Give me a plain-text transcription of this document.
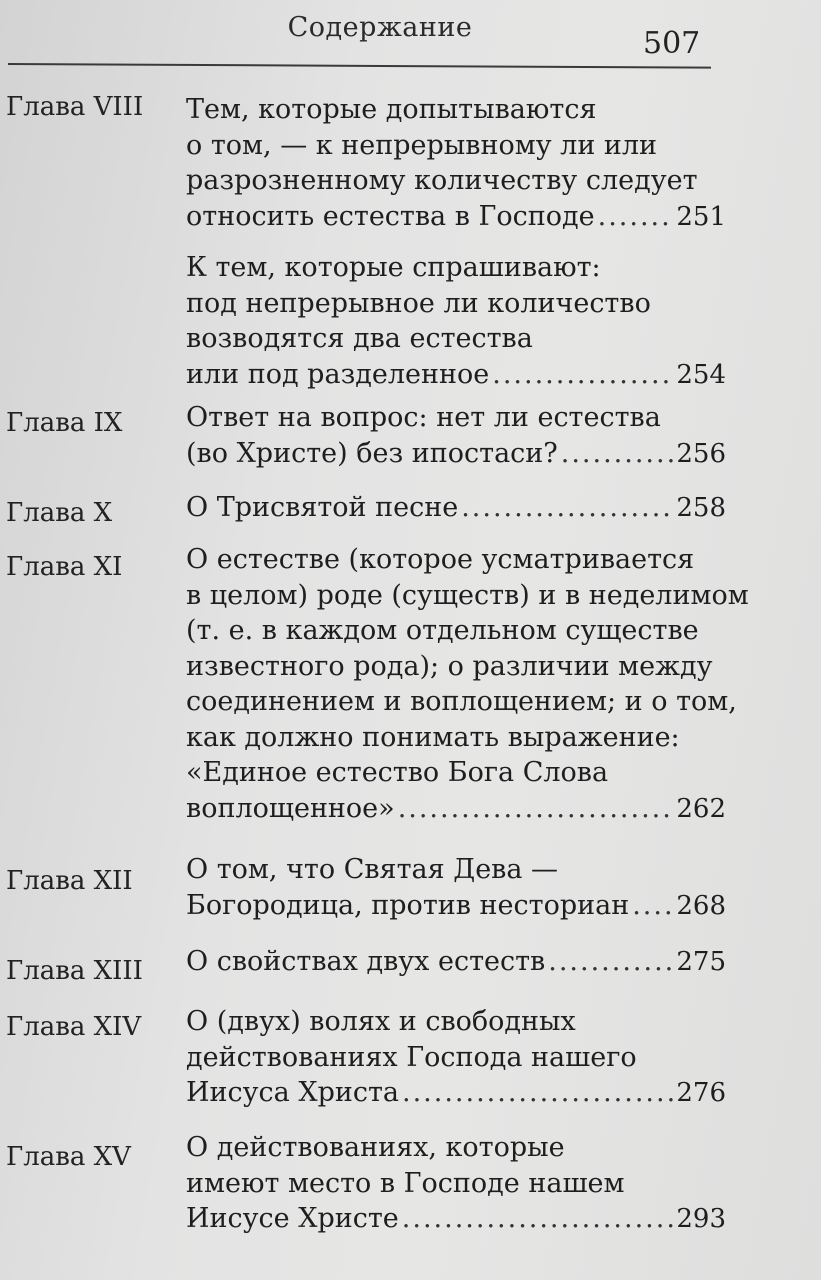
Содержание	507
Глава VIII Тем, которые допытываются
о том, — к непрерывному ли или
разрозненному количеству следует
относить естества в Господе .....	251
К тем, которые спрашивают:
под непрерывное ли количество
возводятся два естества
или под разделенное .....	254
Глава IX Ответ на вопрос: нет ли естества
(во Христе) без ипостаси? .....	256
Глава X	О Трисвятой песне .....	258
Глава XI О естестве (которое усматривается
в целом) роде (существ) и в неделимом
(т. е. в каждом отдельном существе
известного рода); о различии между
соединением и воплощением; и о том,
как должно понимать выражение:
«Единое естество Бога Слова
воплощенное» .....	262
Глава XII О том, что Святая Дева —
Богородица, против несториан ..... 268
Глава XIII О свойствах двух естеств .....	275
Глава XIV О (двух) волях и свободных
действованиях Господа нашего
Иисуса Христа .....	276
Глава XV О действованиях, которые
имеют место в Господе нашем
Иисусе Христе .....	293
